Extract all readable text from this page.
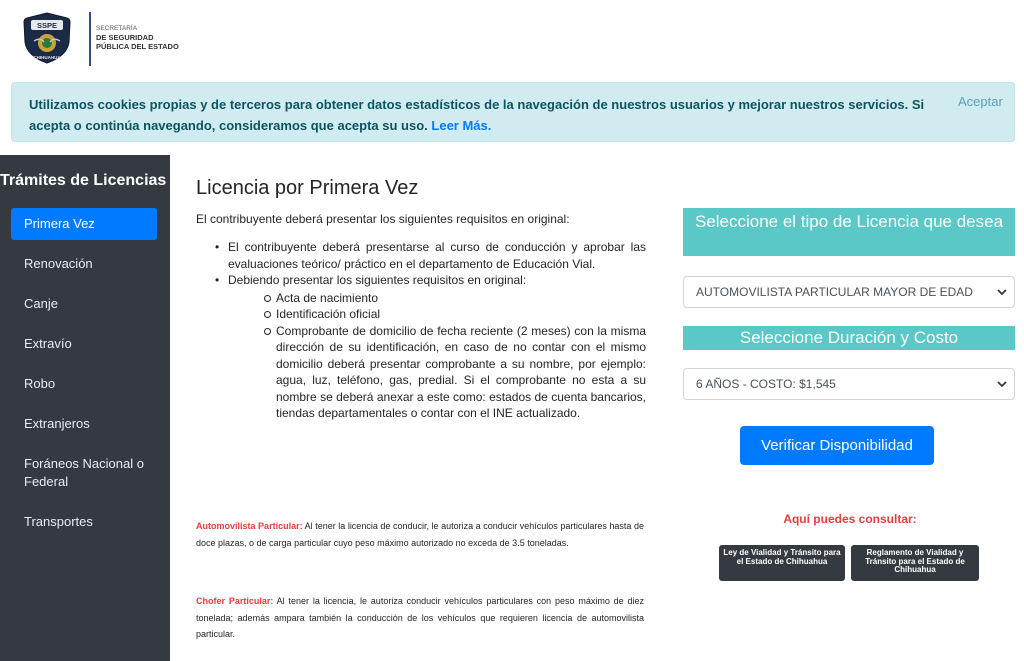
SSPE
CHIHUAHUA
SECRETARÍA
DE SEGURIDAD
PÚBLICA DEL ESTADO
Utilizamos cookies propias y de terceros para obtener datos estadísticos de la navegación de nuestros usuarios y mejorar nuestros servicios. Si acepta o continúa navegando, consideramos que acepta su uso. Leer Más.
Aceptar
Trámites de Licencias
Primera Vez
Renovación
Canje
Extravío
Robo
Extranjeros
Foráneos Nacional o Federal
Transportes
Licencia por Primera Vez
El contribuyente deberá presentar los siguientes requisitos en original:
• El contribuyente deberá presentarse al curso de conducción y aprobar las evaluaciones teórico/ práctico en el departamento de Educación Vial.
• Debiendo presentar los siguientes requisitos en original:
Acta de nacimiento
Identificación oficial
Comprobante de domicilio de fecha reciente (2 meses) con la misma dirección de su identificación, en caso de no contar con el mismo domicilio deberá presentar comprobante a su nombre, por ejemplo: agua, luz, teléfono, gas, predial. Si el comprobante no esta a su nombre se deberá anexar a este como: estados de cuenta bancarios, tiendas departamentales o contar con el INE actualizado.
Automovilista Particular: Al tener la licencia de conducir, le autoriza a conducir vehículos particulares hasta de doce plazas, o de carga particular cuyo peso máximo autorizado no exceda de 3.5 toneladas.
Chofer Particular: Al tener la licencia, le autoriza conducir vehículos particulares con peso máximo de diez tonelada; además ampara también la conducción de los vehículos que requieren licencia de automovilista particular.
Seleccione el tipo de Licencia que desea
AUTOMOVILISTA PARTICULAR MAYOR DE EDAD
Seleccione Duración y Costo
6 AÑOS - COSTO: $1,545
Verificar Disponibilidad
Aquí puedes consultar:
Ley de Vialidad y Tránsito para el Estado de Chihuahua
Reglamento de Vialidad y Tránsito para el Estado de Chihuahua
